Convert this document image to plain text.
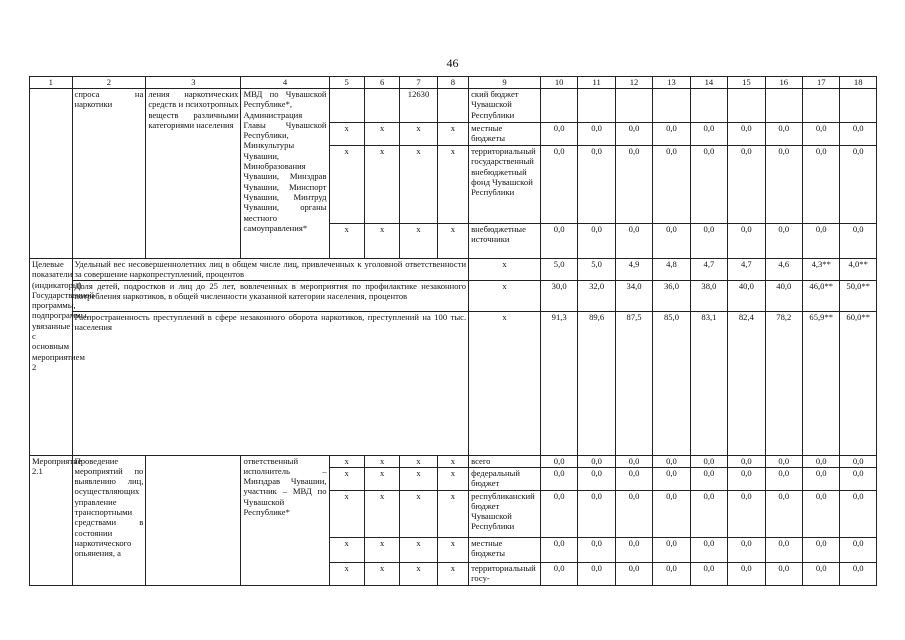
46
1	2	3	4	5	6	7	8	9	10	11	12	13	14	15	16	17	18
	спроса на наркотики	ления наркотических средств и психотропных веществ различными категориями населения	МВД по Чувашской Республике*, Администрация Главы Чувашской Республики, Минкультуры Чувашии, Минобразования Чувашии, Минздрав Чувашии, Минспорт Чувашии, Минтруд Чувашии, органы местного самоуправления*			12630		ский бюджет Чувашской Республики									
				x	x	x	x	местные бюджеты	0,0	0,0	0,0	0,0	0,0	0,0	0,0	0,0	0,0
				x	x	x	x	территориальный государственный внебюджетный фонд Чувашской Республики	0,0	0,0	0,0	0,0	0,0	0,0	0,0	0,0	0,0
				x	x	x	x	внебюджетные источники	0,0	0,0	0,0	0,0	0,0	0,0	0,0	0,0	0,0
Целевые показатели (индикаторы) Государственной программы, подпрограммы, увязанные с основным мероприятием 2	Удельный вес несовершеннолетних лиц в общем числе лиц, привлеченных к уголовной ответственности за совершение наркопреступлений, процентов							x	5,0	5,0	4,9	4,8	4,7	4,7	4,6	4,3**	4,0**
	Доля детей, подростков и лиц до 25 лет, вовлеченных в мероприятия по профилактике незаконного потребления наркотиков, в общей численности указанной категории населения, процентов							x	30,0	32,0	34,0	36,0	38,0	40,0	40,0	46,0**	50,0**
	Распространенность преступлений в сфере незаконного оборота наркотиков, преступлений на 100 тыс. населения							x	91,3	89,6	87,5	85,0	83,1	82,4	78,2	65,9**	60,0**
Мероприятие 2.1	Проведение мероприятий по выявлению лиц, осуществляющих управление транспортными средствами в состоянии наркотического опьянения, а		ответственный исполнитель – Минздрав Чувашии, участник – МВД по Чувашской Республике*	x	x	x	x	всего	0,0	0,0	0,0	0,0	0,0	0,0	0,0	0,0	0,0
				x	x	x	x	федеральный бюджет	0,0	0,0	0,0	0,0	0,0	0,0	0,0	0,0	0,0
				x	x	x	x	республиканский бюджет Чувашской Республики	0,0	0,0	0,0	0,0	0,0	0,0	0,0	0,0	0,0
				x	x	x	x	местные бюджеты	0,0	0,0	0,0	0,0	0,0	0,0	0,0	0,0	0,0
				x	x	x	x	территориальный госу-	0,0	0,0	0,0	0,0	0,0	0,0	0,0	0,0	0,0
